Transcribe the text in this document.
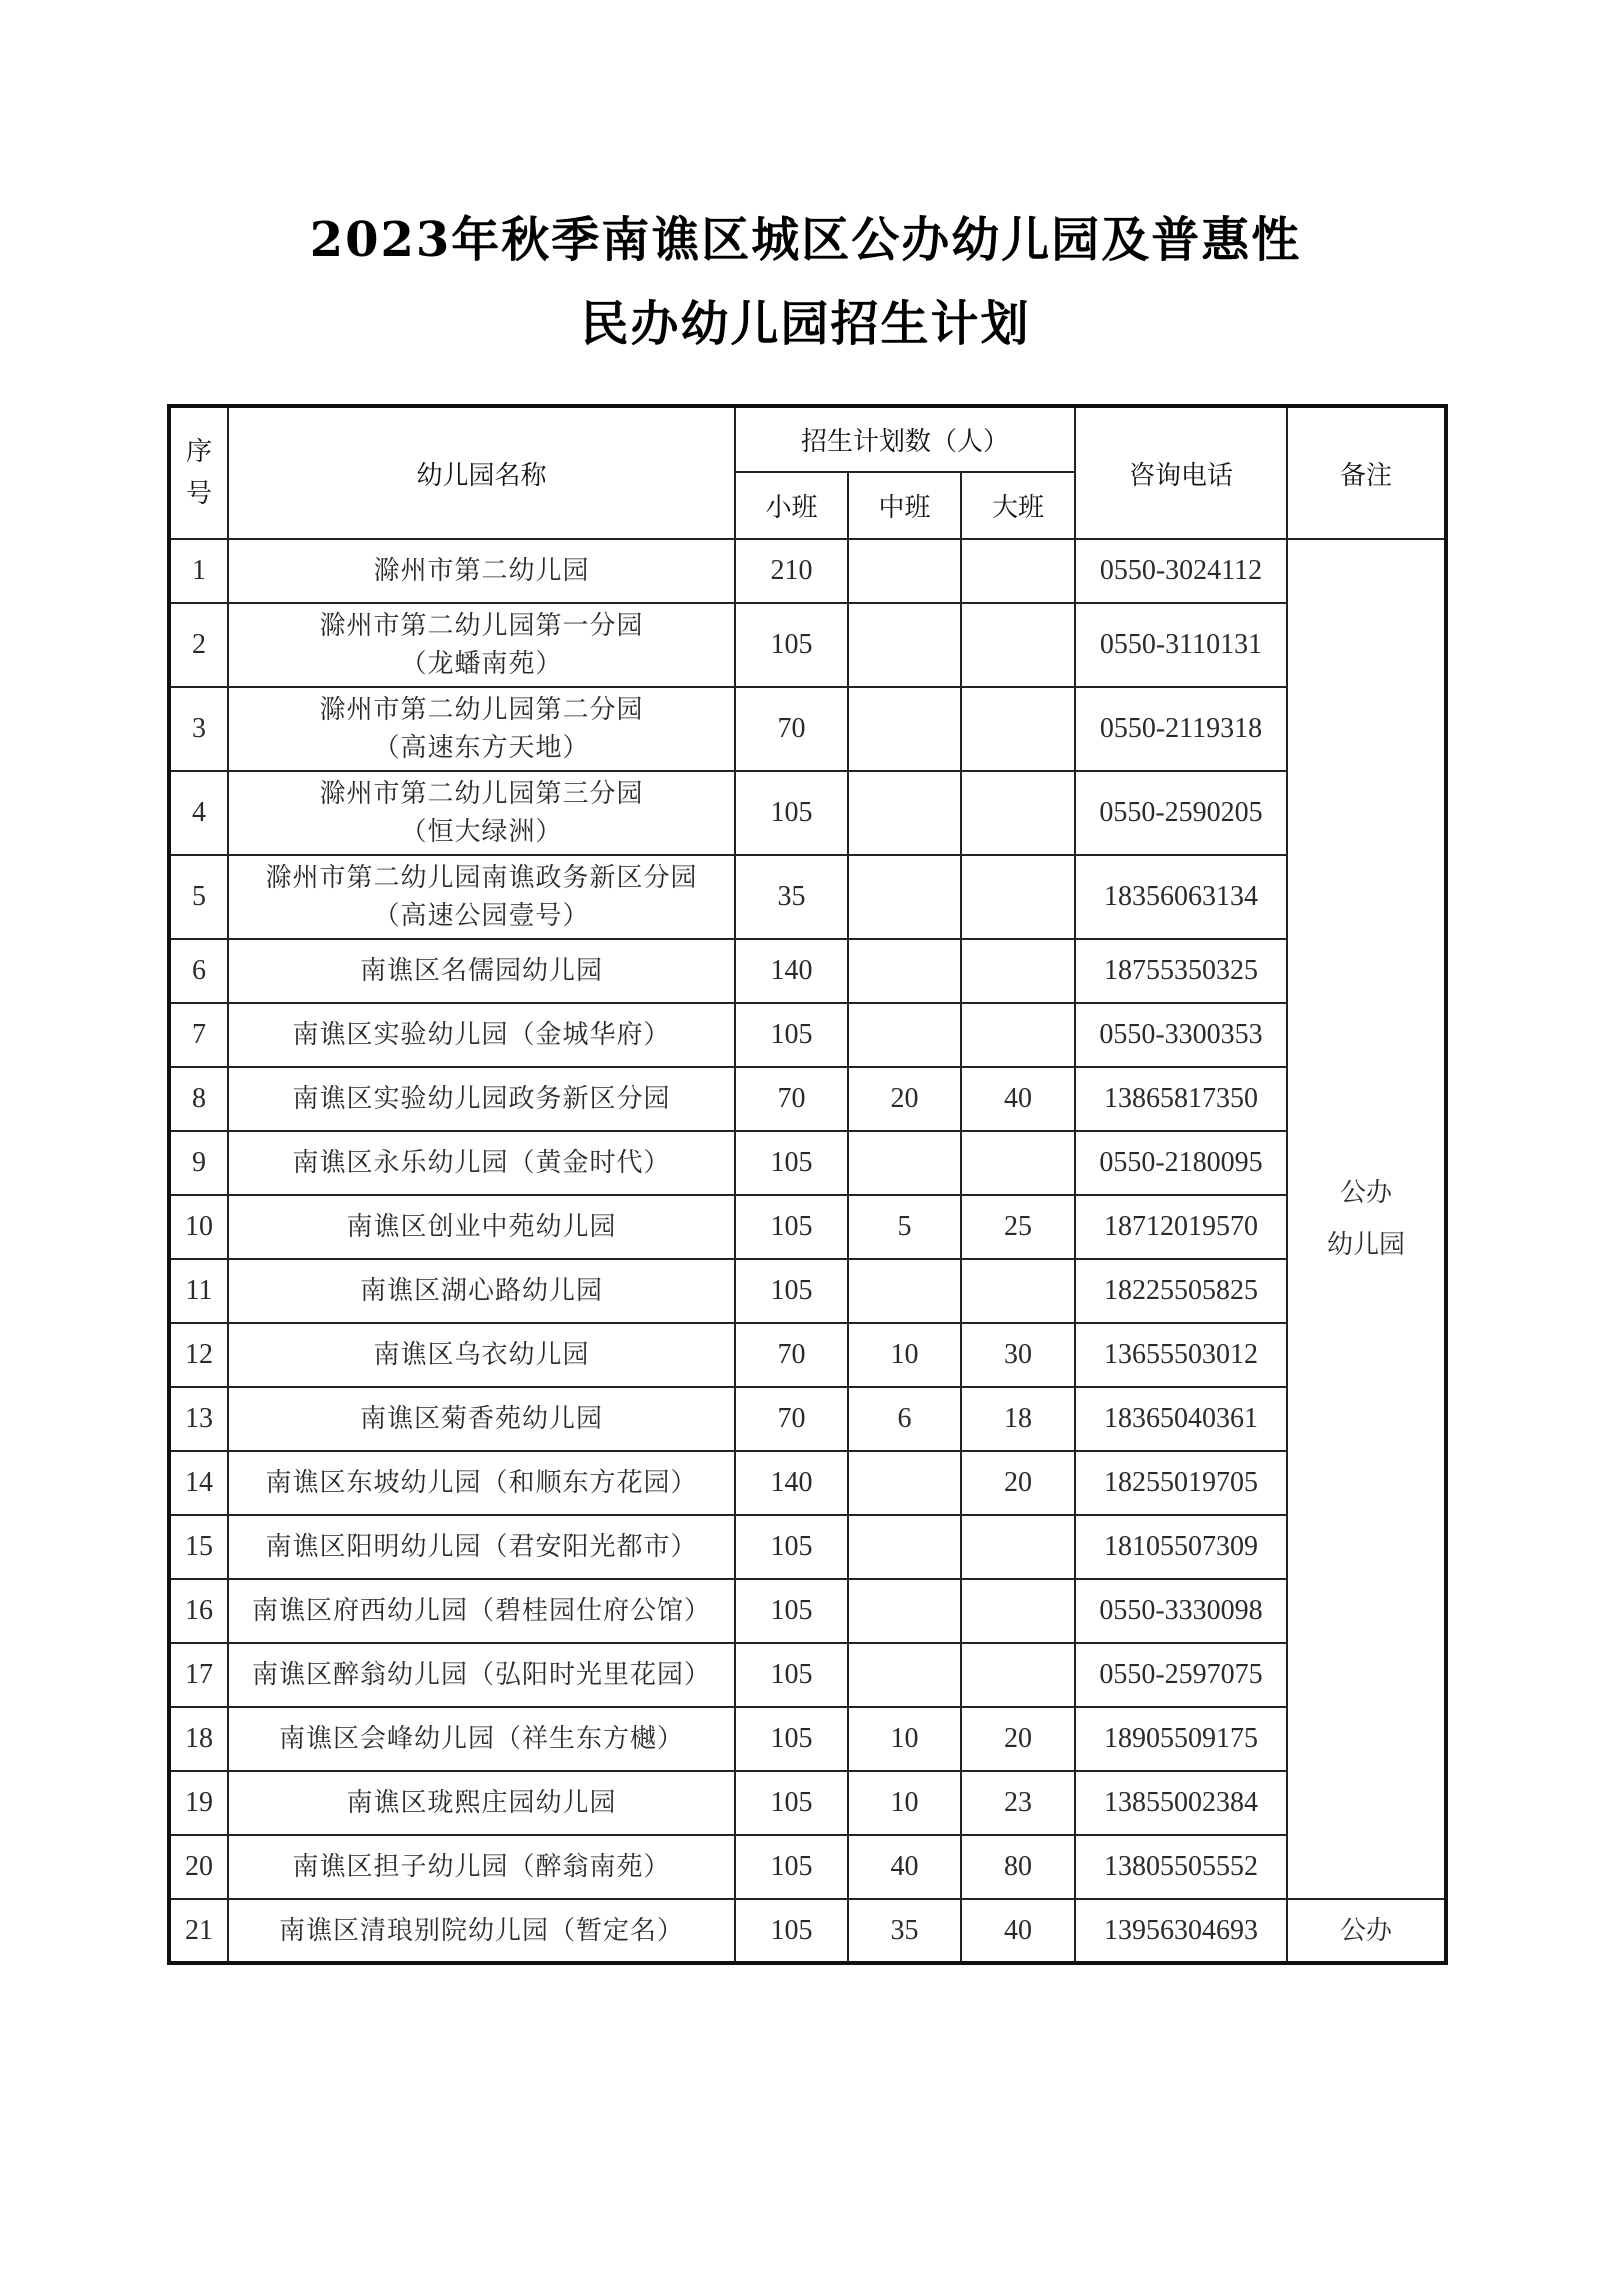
2023年秋季南谯区城区公办幼儿园及普惠性
民办幼儿园招生计划
序
号	幼儿园名称	招生计划数（人）			咨询电话	备注
		小班	中班	大班		
1	滁州市第二幼儿园	210			0550-3024112	公办
幼儿园

2	滁州市第二幼儿园第一分园
（龙蟠南苑）	105			0550-3110131	
3	滁州市第二幼儿园第二分园
（高速东方天地）	70			0550-2119318	
4	滁州市第二幼儿园第三分园
（恒大绿洲）	105			0550-2590205	
5	滁州市第二幼儿园南谯政务新区分园
（高速公园壹号）	35			18356063134	
6	南谯区名儒园幼儿园	140			18755350325	
7	南谯区实验幼儿园（金城华府）	105			0550-3300353	
8	南谯区实验幼儿园政务新区分园	70	20	40	13865817350	
9	南谯区永乐幼儿园（黄金时代）	105			0550-2180095	
10	南谯区创业中苑幼儿园	105	5	25	18712019570	
11	南谯区湖心路幼儿园	105			18225505825	
12	南谯区乌衣幼儿园	70	10	30	13655503012	
13	南谯区菊香苑幼儿园	70	6	18	18365040361	
14	南谯区东坡幼儿园（和顺东方花园）	140		20	18255019705	
15	南谯区阳明幼儿园（君安阳光都市）	105			18105507309	
16	南谯区府西幼儿园（碧桂园仕府公馆）	105			0550-3330098	
17	南谯区醉翁幼儿园（弘阳时光里花园）	105			0550-2597075	
18	南谯区会峰幼儿园（祥生东方樾）	105	10	20	18905509175	
19	南谯区珑熙庄园幼儿园	105	10	23	13855002384	
20	南谯区担子幼儿园（醉翁南苑）	105	40	80	13805505552	
21	南谯区清琅别院幼儿园（暂定名）	105	35	40	13956304693	公办
